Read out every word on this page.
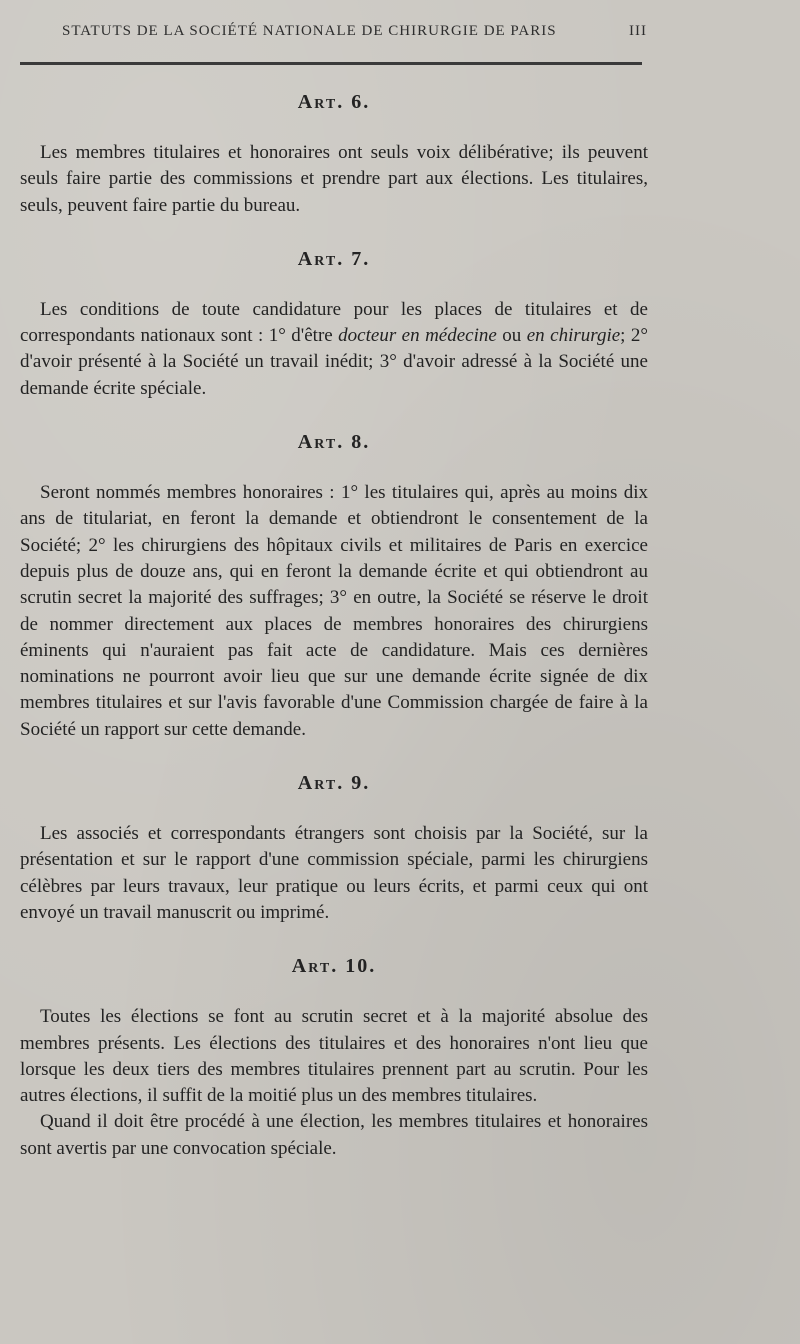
STATUTS DE LA SOCIÉTÉ NATIONALE DE CHIRURGIE DE PARIS	III
Art. 6.

Les membres titulaires et honoraires ont seuls voix délibérative; ils peuvent seuls faire partie des commissions et prendre part aux élections. Les titulaires, seuls, peuvent faire partie du bureau.

Art. 7.

Les conditions de toute candidature pour les places de titulaires et de correspondants nationaux sont : 1° d'être docteur en médecine ou en chirurgie; 2° d'avoir présenté à la Société un travail inédit; 3° d'avoir adressé à la Société une demande écrite spéciale.

Art. 8.

Seront nommés membres honoraires : 1° les titulaires qui, après au moins dix ans de titulariat, en feront la demande et obtiendront le consentement de la Société; 2° les chirurgiens des hôpitaux civils et militaires de Paris en exercice depuis plus de douze ans, qui en feront la demande écrite et qui obtiendront au scrutin secret la majorité des suffrages; 3° en outre, la Société se réserve le droit de nommer directement aux places de membres honoraires des chirurgiens éminents qui n'auraient pas fait acte de candidature. Mais ces dernières nominations ne pourront avoir lieu que sur une demande écrite signée de dix membres titulaires et sur l'avis favorable d'une Commission chargée de faire à la Société un rapport sur cette demande.

Art. 9.

Les associés et correspondants étrangers sont choisis par la Société, sur la présentation et sur le rapport d'une commission spéciale, parmi les chirurgiens célèbres par leurs travaux, leur pratique ou leurs écrits, et parmi ceux qui ont envoyé un travail manuscrit ou imprimé.

Art. 10.

Toutes les élections se font au scrutin secret et à la majorité absolue des membres présents. Les élections des titulaires et des honoraires n'ont lieu que lorsque les deux tiers des membres titulaires prennent part au scrutin. Pour les autres élections, il suffit de la moitié plus un des membres titulaires.

Quand il doit être procédé à une élection, les membres titulaires et honoraires sont avertis par une convocation spéciale.
